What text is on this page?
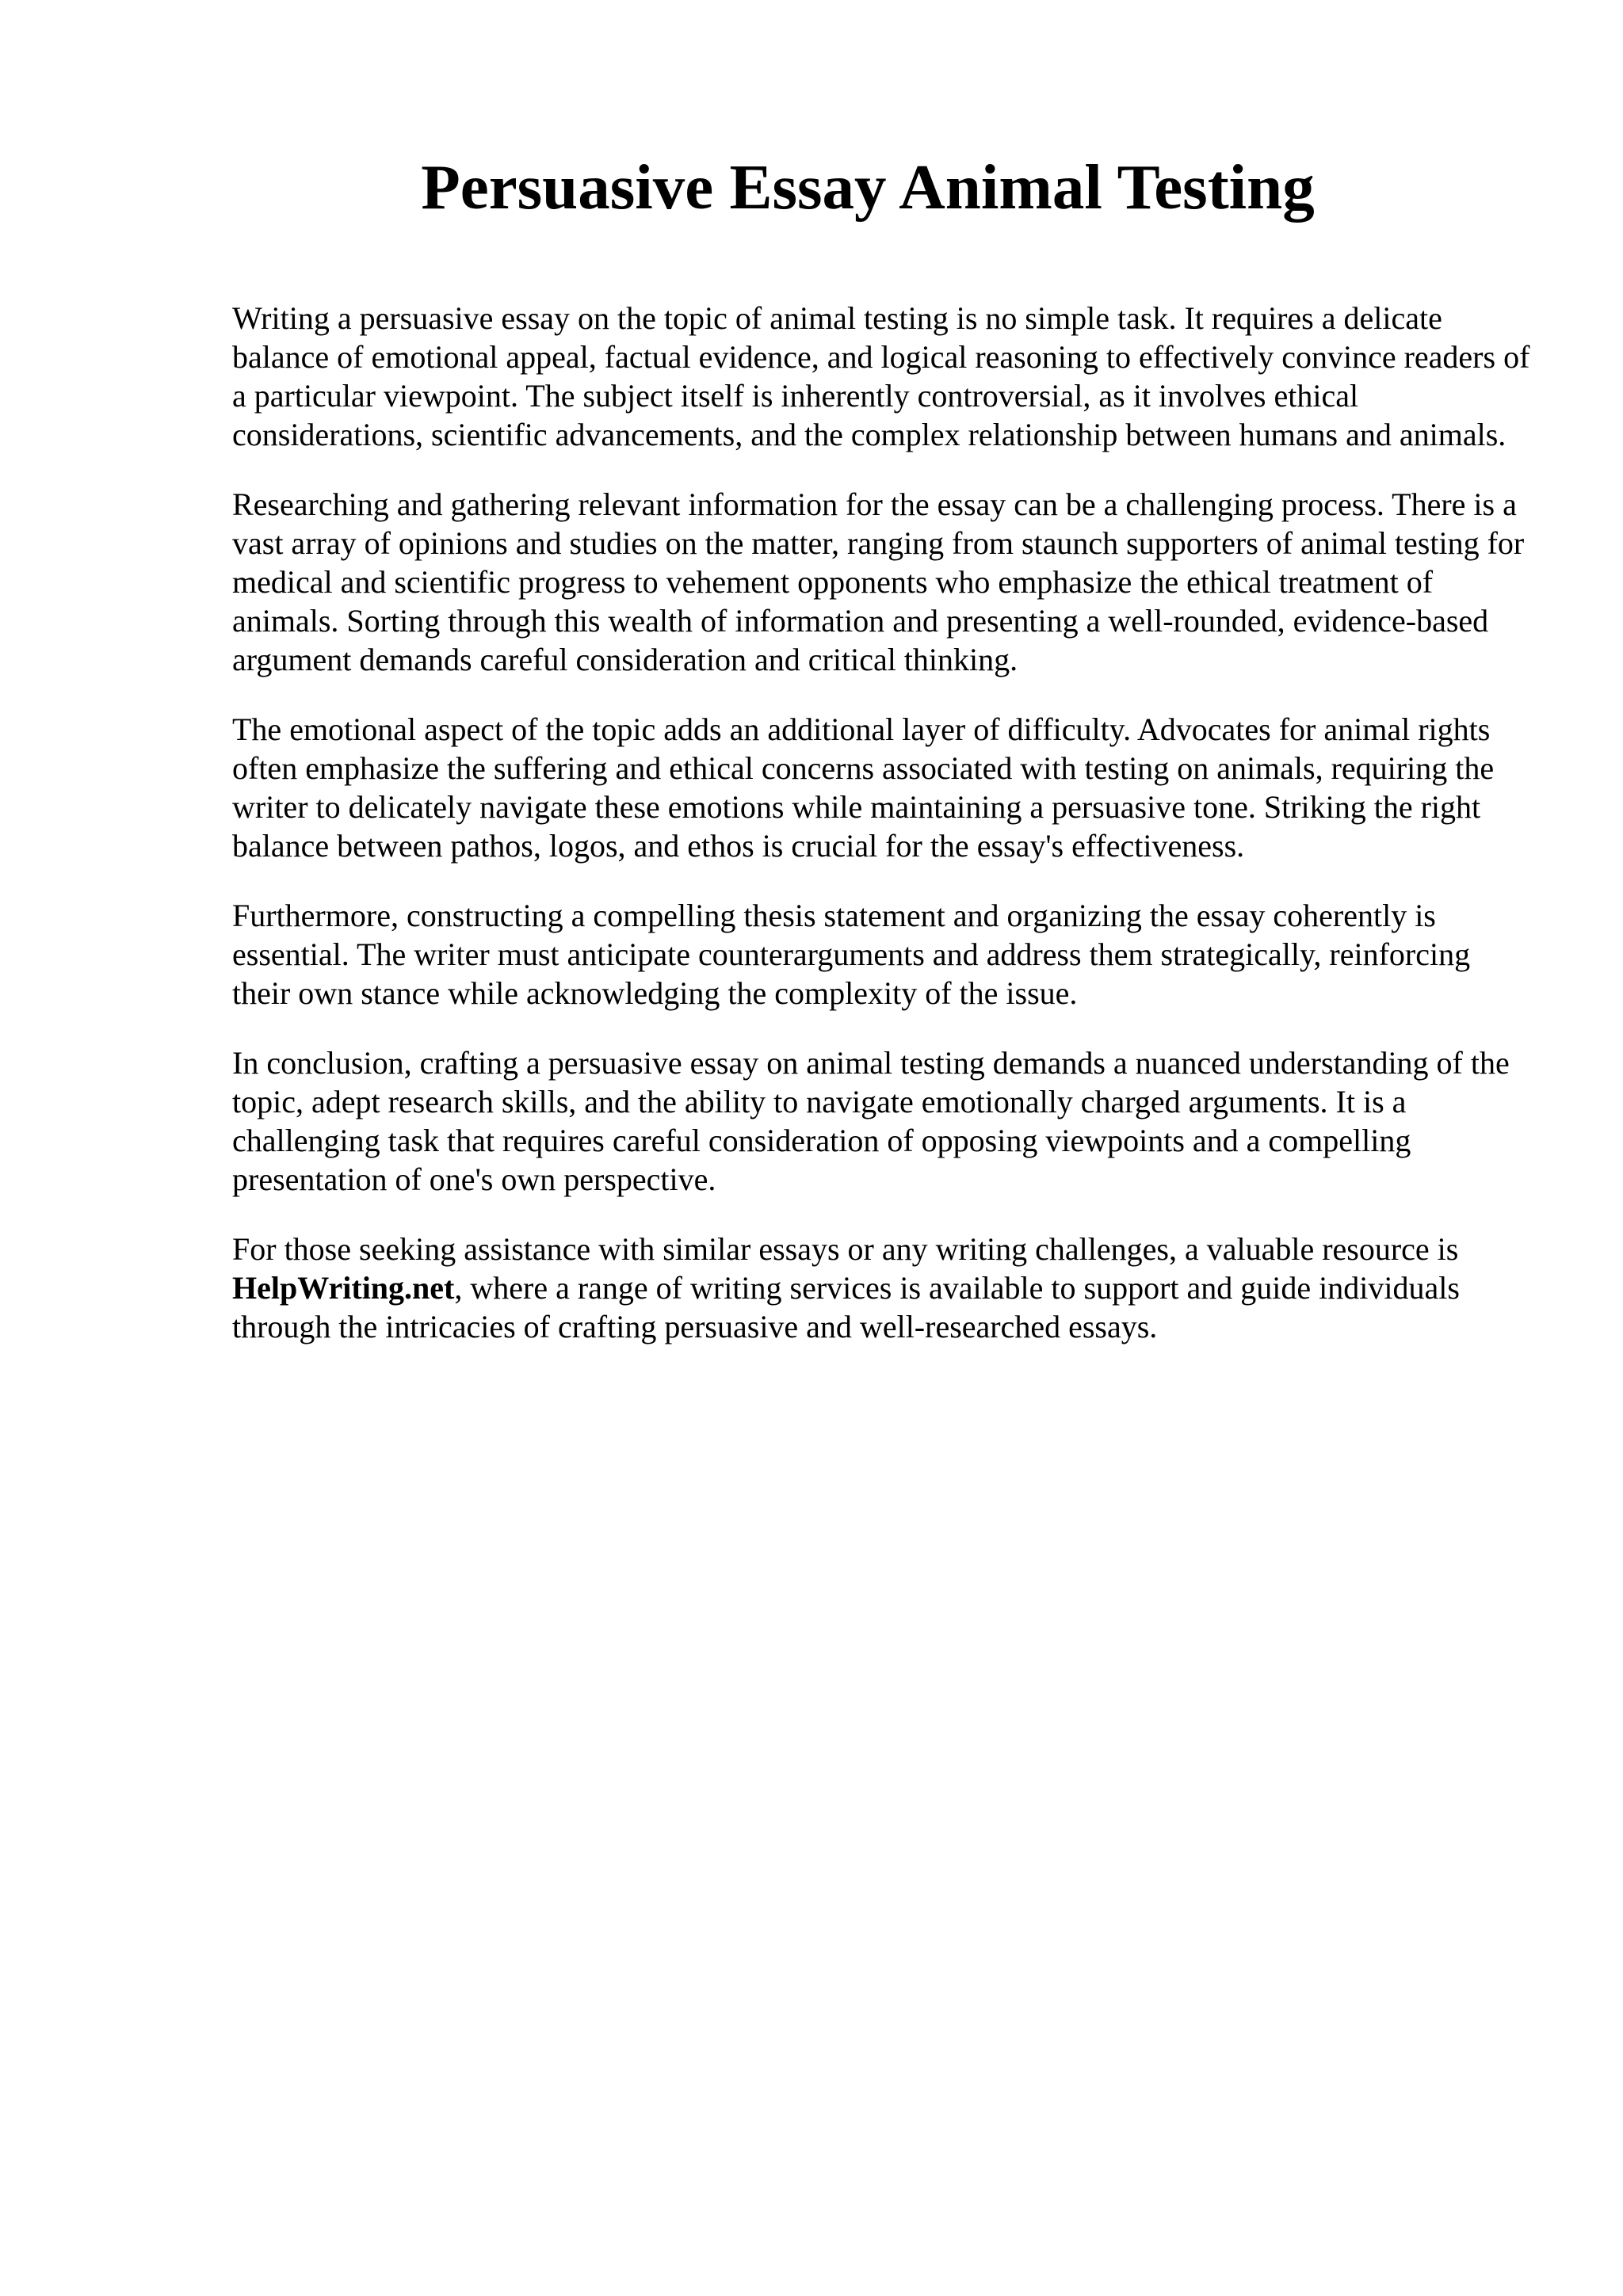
Persuasive Essay Animal Testing

Writing a persuasive essay on the topic of animal testing is no simple task. It requires a delicate balance of emotional appeal, factual evidence, and logical reasoning to effectively convince readers of a particular viewpoint. The subject itself is inherently controversial, as it involves ethical considerations, scientific advancements, and the complex relationship between humans and animals.

Researching and gathering relevant information for the essay can be a challenging process. There is a vast array of opinions and studies on the matter, ranging from staunch supporters of animal testing for medical and scientific progress to vehement opponents who emphasize the ethical treatment of animals. Sorting through this wealth of information and presenting a well-rounded, evidence-based argument demands careful consideration and critical thinking.

The emotional aspect of the topic adds an additional layer of difficulty. Advocates for animal rights often emphasize the suffering and ethical concerns associated with testing on animals, requiring the writer to delicately navigate these emotions while maintaining a persuasive tone. Striking the right balance between pathos, logos, and ethos is crucial for the essay's effectiveness.

Furthermore, constructing a compelling thesis statement and organizing the essay coherently is essential. The writer must anticipate counterarguments and address them strategically, reinforcing their own stance while acknowledging the complexity of the issue.

In conclusion, crafting a persuasive essay on animal testing demands a nuanced understanding of the topic, adept research skills, and the ability to navigate emotionally charged arguments. It is a challenging task that requires careful consideration of opposing viewpoints and a compelling presentation of one's own perspective.

For those seeking assistance with similar essays or any writing challenges, a valuable resource is HelpWriting.net, where a range of writing services is available to support and guide individuals through the intricacies of crafting persuasive and well-researched essays.
